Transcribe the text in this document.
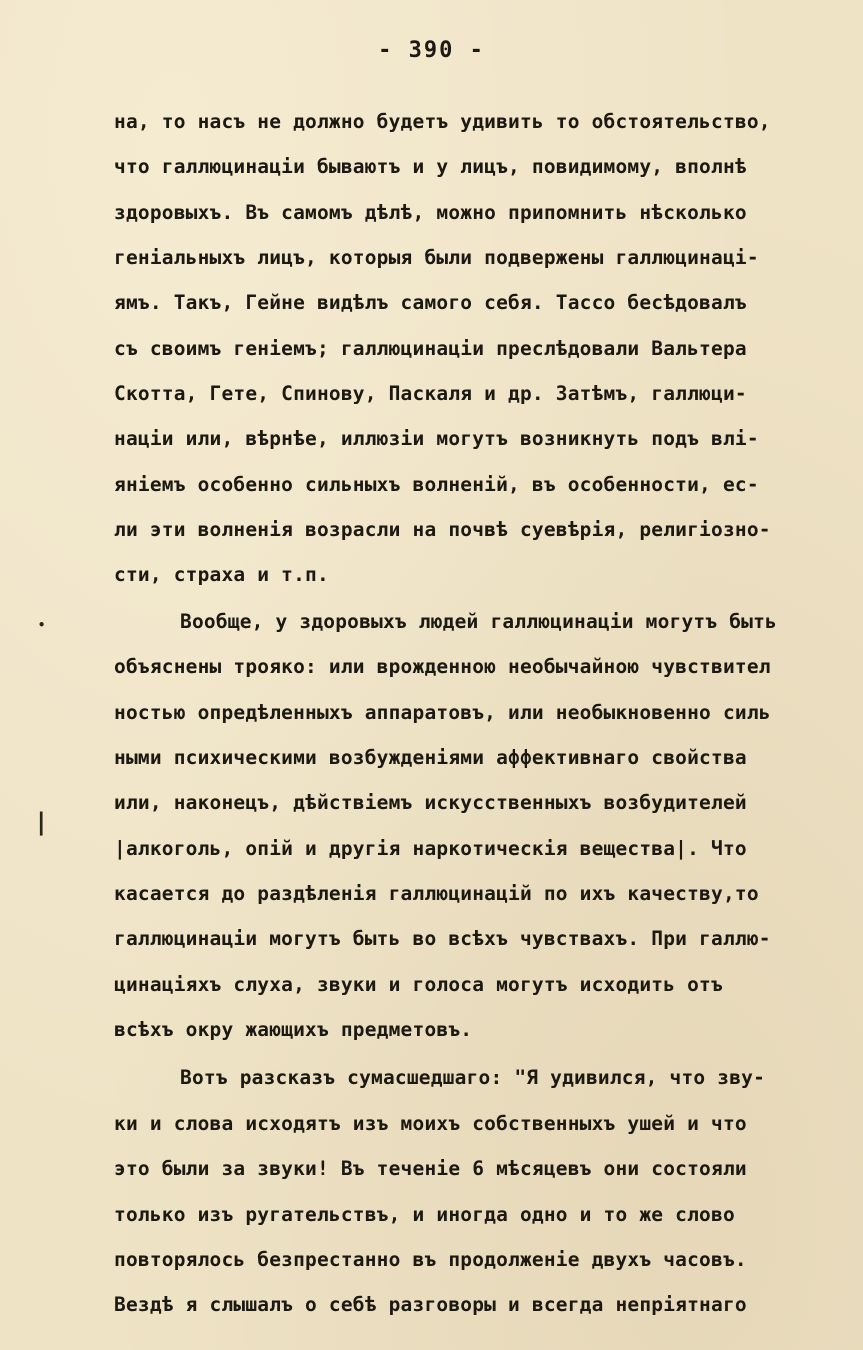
- 390 -
на, то насъ не должно будетъ удивить то обстоятельство,
что галлюцинаціи бываютъ и у лицъ, повидимому, вполнѣ
здоровыхъ. Въ самомъ дѣлѣ, можно припомнить нѣсколько
геніальныхъ лицъ, которыя были подвержены галлюцинаці-
ямъ. Такъ, Гейне видѣлъ самого себя. Тассо бесѣдовалъ
съ своимъ геніемъ; галлюцинаціи преслѣдовали Вальтера
Скотта, Гете, Спинову, Паскаля и др. Затѣмъ, галлюци-
націи или, вѣрнѣе, иллюзіи могутъ возникнуть подъ влі-
яніемъ особенно сильныхъ волненій, въ особенности, ес-
ли эти волненія возрасли на почвѣ суевѣрія, религіозно-
сти, страха и т.п.
Вообще, у здоровыхъ людей галлюцинаціи могутъ быть
объяснены трояко: или врожденною необычайною чувствител
ностью опредѣленныхъ аппаратовъ, или необыкновенно силь
ными психическими возбужденіями аффективнаго свойства
или, наконецъ, дѣйствіемъ искусственныхъ возбудителей
|алкоголь, опій и другія наркотическія вещества|. Что
касается до раздѣленія галлюцинацій по ихъ качеству,то
галлюцинаціи могутъ быть во всѣхъ чувствахъ. При галлю-
цинаціяхъ слуха, звуки и голоса могутъ исходить отъ
всѣхъ окру жающихъ предметовъ.
Вотъ разсказъ сумасшедшаго: "Я удивился, что зву-
ки и слова исходятъ изъ моихъ собственныхъ ушей и что
это были за звуки! Въ теченіе 6 мѣсяцевъ они состояли
только изъ ругательствъ, и иногда одно и то же слово
повторялось безпрестанно въ продолженіе двухъ часовъ.
Вездѣ я слышалъ о себѣ разговоры и всегда непріятнаго
|
•
